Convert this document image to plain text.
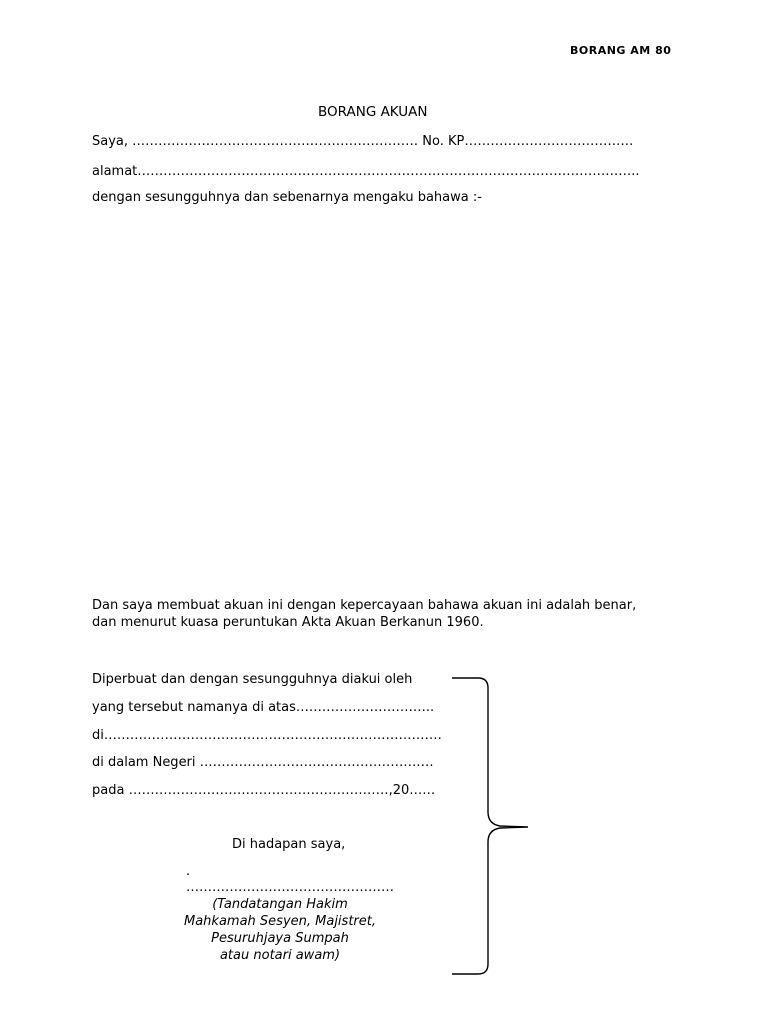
BORANG AM 80
BORANG AKUAN
Saya, ………………………………………………………… No. KP…………………………………
alamat……………………………………………………………………………………………………..
dengan sesungguhnya dan sebenarnya mengaku bahawa :-
Dan saya membuat akuan ini dengan kepercayaan bahawa akuan ini adalah benar,
dan menurut kuasa peruntukan Akta Akuan Berkanun 1960.
Diperbuat dan dengan sesungguhnya diakui oleh
yang tersebut namanya di atas…………………………..
di……………………………………………………………………
di dalam Negeri ………………………………………………
pada ……………………………………………………,20……
Di hadapan saya,
.
…………………………………………
(Tandatangan Hakim
Mahkamah Sesyen, Majistret,
Pesuruhjaya Sumpah
atau notari awam)
